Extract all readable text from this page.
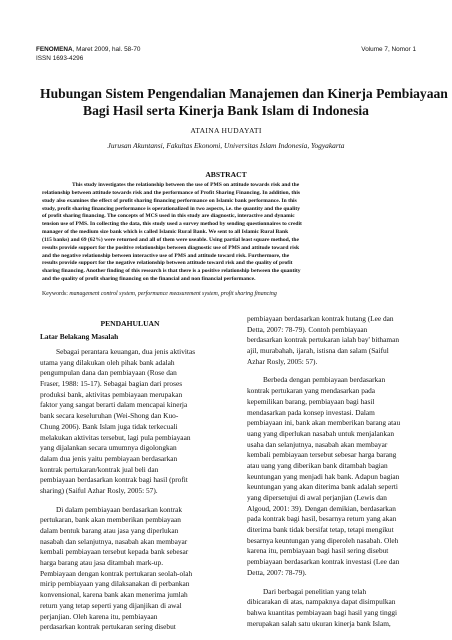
FENOMENA, Maret 2009, hal. 58-70	Volume 7, Nomor 1
ISSN 1693-4296
Hubungan Sistem Pengendalian Manajemen dan Kinerja Pembiayaan
Bagi Hasil serta Kinerja Bank Islam di Indonesia
ATAINA HUDAYATI
Jurusan Akuntansi, Fakultas Ekonomi, Universitas Islam Indonesia, Yogyakarta
ABSTRACT
This study investigates the relationship between the use of PMS on attitude towards risk and the
relationship between attitude towards risk and the performance of Profit Sharing Financing. In addition, this
study also examines the effect of profit sharing financing performance on Islamic bank performance. In this
study, profit sharing financing performance is operationalized in two aspects, i.e. the quantity and the quality
of profit sharing financing. The concepts of MCS used in this study are diagnostic, interactive and dynamic
tension use of PMS. In collecting the data, this study used a survey method by sending questionnaires to credit
manager of the medium size bank which is called Islamic Rural Bank. We sent to all Islamic Rural Bank
(115 banks) and 69 (62%) were returned and all of them were useable. Using partial least square method, the
results provide support for the positive relationships between diagnostic use of PMS and attitude toward risk
and the negative relationship between interactive use of PMS and attitude toward risk. Furthermore, the
results provide support for the negative relationship between attitude toward risk and the quality of profit
sharing financing. Another finding of this research is that there is a positive relationship between the quantity
and the quality of profit sharing financing on the financial and non financial performance.
Keywords: management control system, performance measurement system, profit sharing financing
PENDAHULUAN
Latar Belakang Masalah
Sebagai perantara keuangan, dua jenis aktivitas
utama yang dilakukan oleh pihak bank adalah
pengumpulan dana dan pembiayaan (Rose dan
Fraser, 1988: 15-17). Sebagai bagian dari proses
produksi bank, aktivitas pembiayaan merupakan
faktor yang sangat berarti dalam mencapai kinerja
bank secara keseluruhan (Wei-Shong dan Kuo-
Chung 2006). Bank Islam juga tidak terkecuali
melakukan aktivitas tersebut, lagi pula pembiayaan
yang dijalankan secara umumnya digolongkan
dalam dua jenis yaitu pembiayaan berdasarkan
kontrak pertukaran/kontrak jual beli dan
pembiayaan berdasarkan kontrak bagi hasil (profit
sharing) (Saiful Azhar Rosly, 2005: 57).
Di dalam pembiayaan berdasarkan kontrak
pertukaran, bank akan memberikan pembiayaan
dalam bentuk barang atau jasa yang diperlukan
nasabah dan selanjutnya, nasabah akan membayar
kembali pembiayaan tersebut kepada bank sebesar
harga barang atau jasa ditambah mark-up.
Pembiayaan dengan kontrak pertukaran seolah-olah
mirip pembiayaan yang dilaksanakan di perbankan
konvensional, karena bank akan menerima jumlah
return yang tetap seperti yang dijanjikan di awal
perjanjian. Oleh karena itu, pembiayaan
perdasarkan kontrak pertukaran sering disebut
pembiayaan berdasarkan kontrak hutang (Lee dan
Detta, 2007: 78-79). Contoh pembiayaan
berdasarkan kontrak pertukaran ialah bay' bithaman
ajil, murabahah, ijarah, istisna dan salam (Saiful
Azhar Rosly, 2005: 57).
Berbeda dengan pembiayaan berdasarkan
kontrak pertukaran yang mendasarkan pada
kepemilikan barang, pembiayaan bagi hasil
mendasarkan pada konsep investasi. Dalam
pembiayaan ini, bank akan memberikan barang atau
uang yang diperlukan nasabah untuk menjalankan
usaha dan selanjutnya, nasabah akan membayar
kembali pembiayaan tersebut sebesar harga barang
atau uang yang diberikan bank ditambah bagian
keuntungan yang menjadi hak bank. Adapun bagian
keuntungan yang akan diterima bank adalah seperti
yang dipersetujui di awal perjanjian (Lewis dan
Algoud, 2001: 39). Dengan demikian, berdasarkan
pada kontrak bagi hasil, besarnya return yang akan
diterima bank tidak bersifat tetap, tetapi mengikut
besarnya keuntungan yang diperoleh nasabah. Oleh
karena itu, pembiayaan bagi hasil sering disebut
pembiayaan berdasarkan kontrak investasi (Lee dan
Detta, 2007: 78-79).
Dari berbagai penelitian yang telah
dibicarakan di atas, nampaknya dapat disimpulkan
bahwa kuantitas pembiayaan bagi hasil yang tinggi
merupakan salah satu ukuran kinerja bank Islam,
